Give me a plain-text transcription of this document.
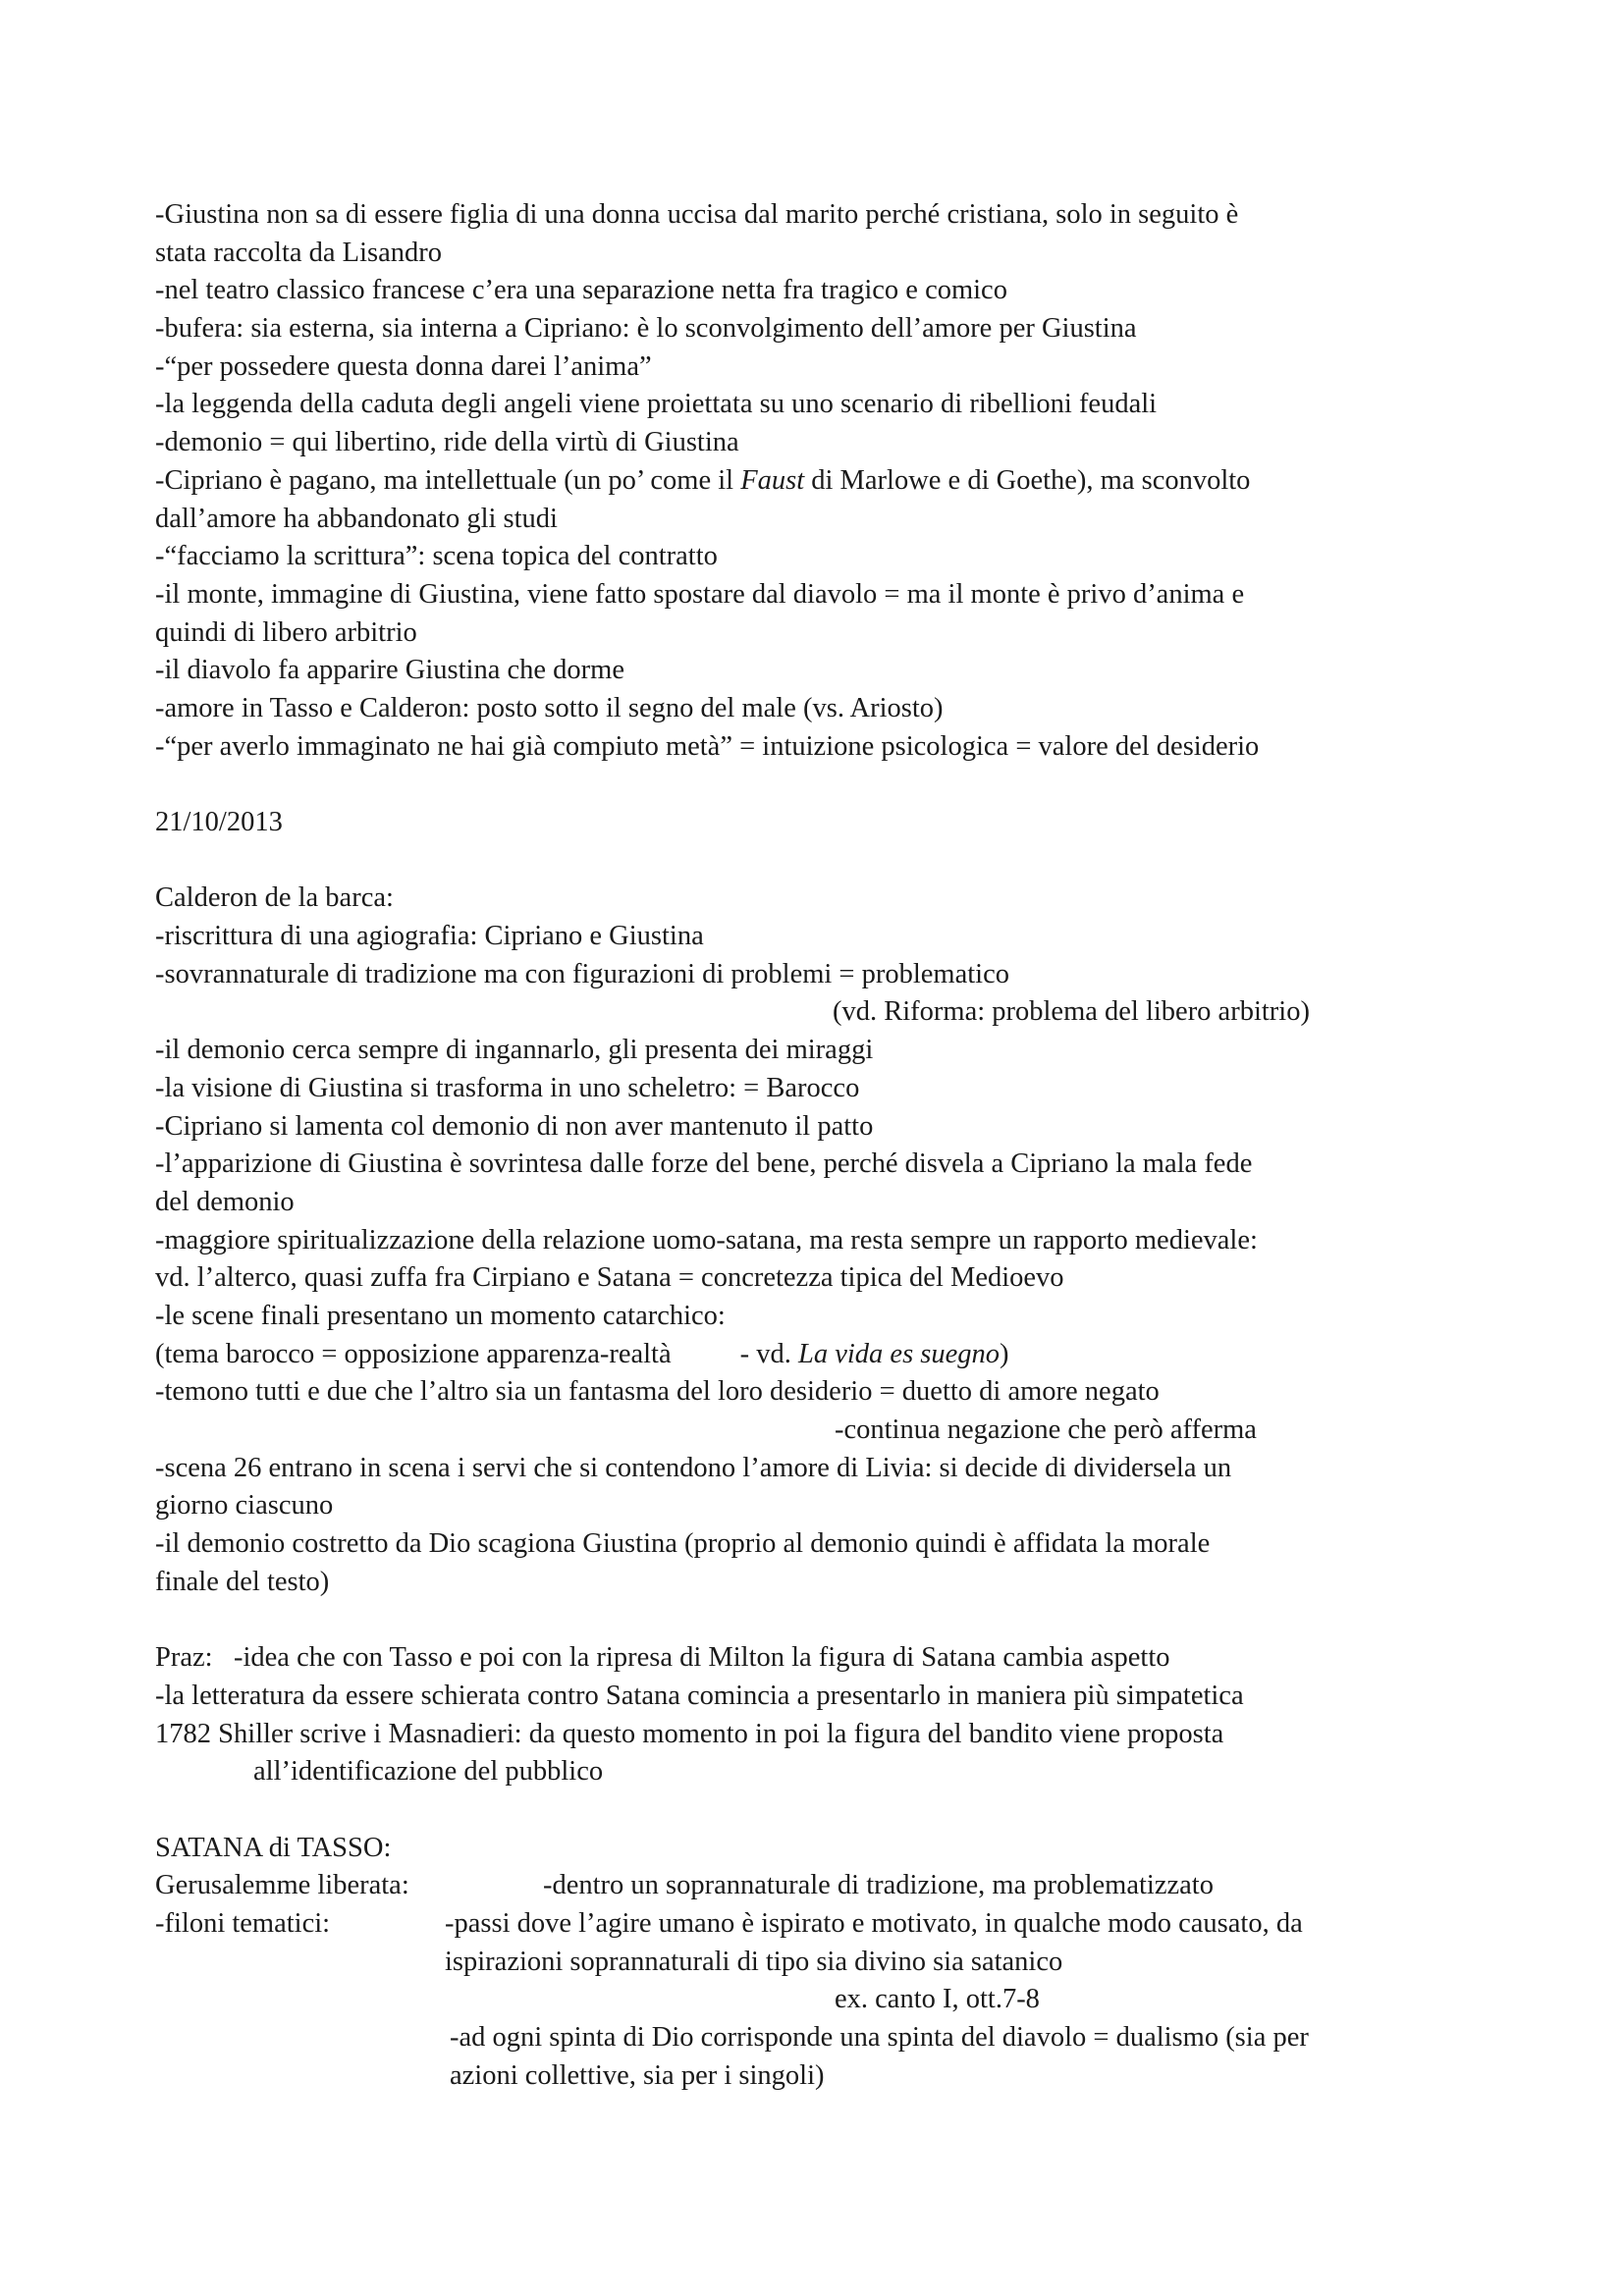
-Giustina non sa di essere figlia di una donna uccisa dal marito perché cristiana, solo in seguito è
stata raccolta da Lisandro
-nel teatro classico francese c’era una separazione netta fra tragico e comico
-bufera: sia esterna, sia interna a Cipriano: è lo sconvolgimento dell’amore per Giustina
-“per possedere questa donna darei l’anima”
-la leggenda della caduta degli angeli viene proiettata su uno scenario di ribellioni feudali
-demonio = qui libertino, ride della virtù di Giustina
-Cipriano è pagano, ma intellettuale (un po’ come il Faust di Marlowe e di Goethe), ma sconvolto
dall’amore ha abbandonato gli studi
-“facciamo la scrittura”: scena topica del contratto
-il monte, immagine di Giustina, viene fatto spostare dal diavolo = ma il monte è privo d’anima e
quindi di libero arbitrio
-il diavolo fa apparire Giustina che dorme
-amore in Tasso e Calderon: posto sotto il segno del male (vs. Ariosto)
-“per averlo immaginato ne hai già compiuto metà” = intuizione psicologica = valore del desiderio
21/10/2013
Calderon de la barca:
-riscrittura di una agiografia: Cipriano e Giustina
-sovrannaturale di tradizione ma con figurazioni di problemi = problematico
(vd. Riforma: problema del libero arbitrio)
-il demonio cerca sempre di ingannarlo, gli presenta dei miraggi
-la visione di Giustina si trasforma in uno scheletro: = Barocco
-Cipriano si lamenta col demonio di non aver mantenuto il patto
-l’apparizione di Giustina è sovrintesa dalle forze del bene, perché disvela a Cipriano la mala fede
del demonio
-maggiore spiritualizzazione della relazione uomo-satana, ma resta sempre un rapporto medievale:
vd. l’alterco, quasi zuffa fra Cirpiano e Satana = concretezza tipica del Medioevo
-le scene finali presentano un momento catarchico:
(tema barocco = opposizione apparenza-realtà - vd. La vida es suegno)
-temono tutti e due che l’altro sia un fantasma del loro desiderio = duetto di amore negato
-continua negazione che però afferma
-scena 26 entrano in scena i servi che si contendono l’amore di Livia: si decide di dividersela un
giorno ciascuno
-il demonio costretto da Dio scagiona Giustina (proprio al demonio quindi è affidata la morale
finale del testo)
Praz: -idea che con Tasso e poi con la ripresa di Milton la figura di Satana cambia aspetto
-la letteratura da essere schierata contro Satana comincia a presentarlo in maniera più simpatetica
1782 Shiller scrive i Masnadieri: da questo momento in poi la figura del bandito viene proposta
all’identificazione del pubblico
SATANA di TASSO:
Gerusalemme liberata:	-dentro un soprannaturale di tradizione, ma problematizzato
-filoni tematici:	-passi dove l’agire umano è ispirato e motivato, in qualche modo causato, da
ispirazioni soprannaturali di tipo sia divino sia satanico
ex. canto I, ott.7-8
-ad ogni spinta di Dio corrisponde una spinta del diavolo = dualismo (sia per
azioni collettive, sia per i singoli)
